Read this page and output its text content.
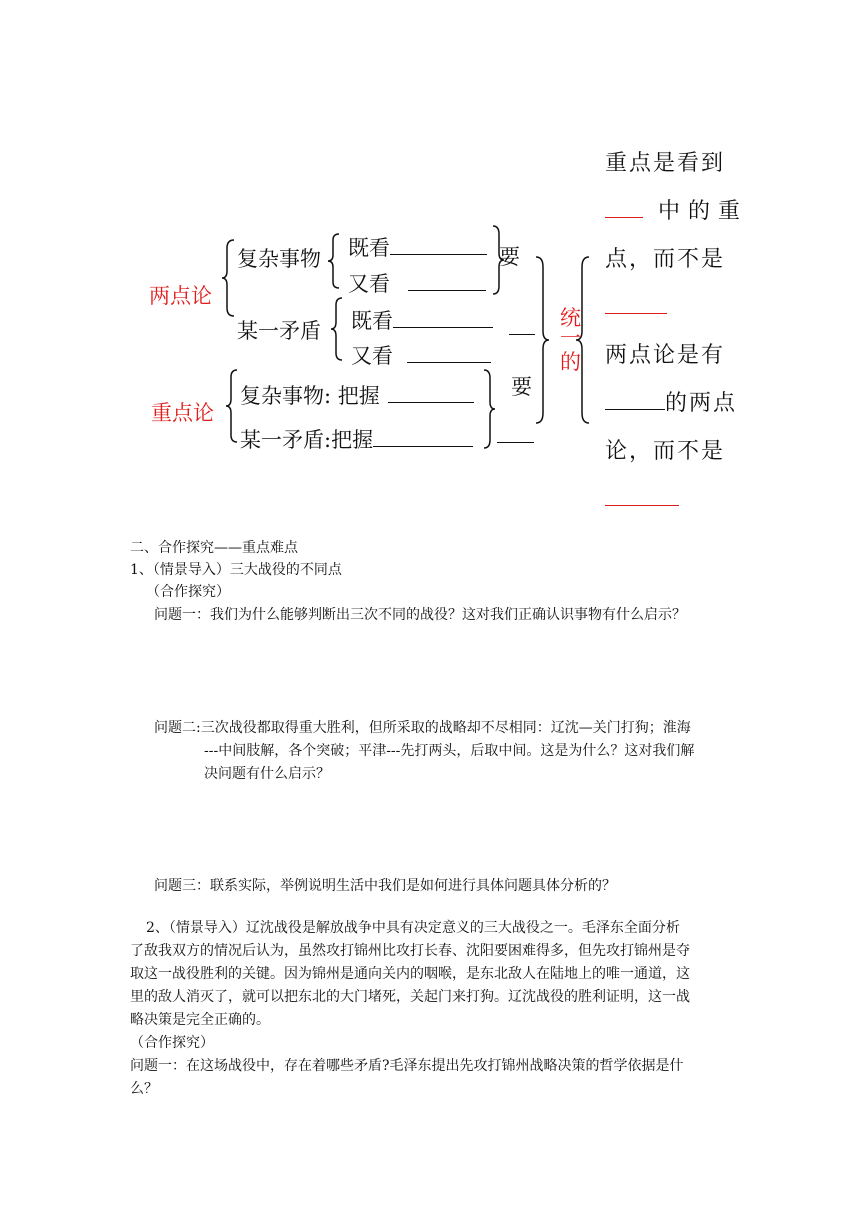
两点论
复杂事物 既看
又看
某一矛盾 既看
又看
要
重点论
复杂事物: 把握
某一矛盾:把握
要
统
一
的
重点是看到
中的重
点，而不是
两点论是有
的两点
论，而不是
二、合作探究——重点难点
1、（情景导入）三大战役的不同点
（合作探究）
问题一：我们为什么能够判断出三次不同的战役？这对我们正确认识事物有什么启示？
问题二:三次战役都取得重大胜利，但所采取的战略却不尽相同：辽沈—关门打狗；淮海
---中间肢解，各个突破；平津---先打两头，后取中间。这是为什么？这对我们解
决问题有什么启示？
问题三：联系实际，举例说明生活中我们是如何进行具体问题具体分析的？
2、（情景导入）辽沈战役是解放战争中具有决定意义的三大战役之一。毛泽东全面分析
了敌我双方的情况后认为，虽然攻打锦州比攻打长春、沈阳要困难得多，但先攻打锦州是夺
取这一战役胜利的关键。因为锦州是通向关内的咽喉，是东北敌人在陆地上的唯一通道，这
里的敌人消灭了，就可以把东北的大门堵死，关起门来打狗。辽沈战役的胜利证明，这一战
略决策是完全正确的。
（合作探究）
问题一：在这场战役中，存在着哪些矛盾?毛泽东提出先攻打锦州战略决策的哲学依据是什
么？
